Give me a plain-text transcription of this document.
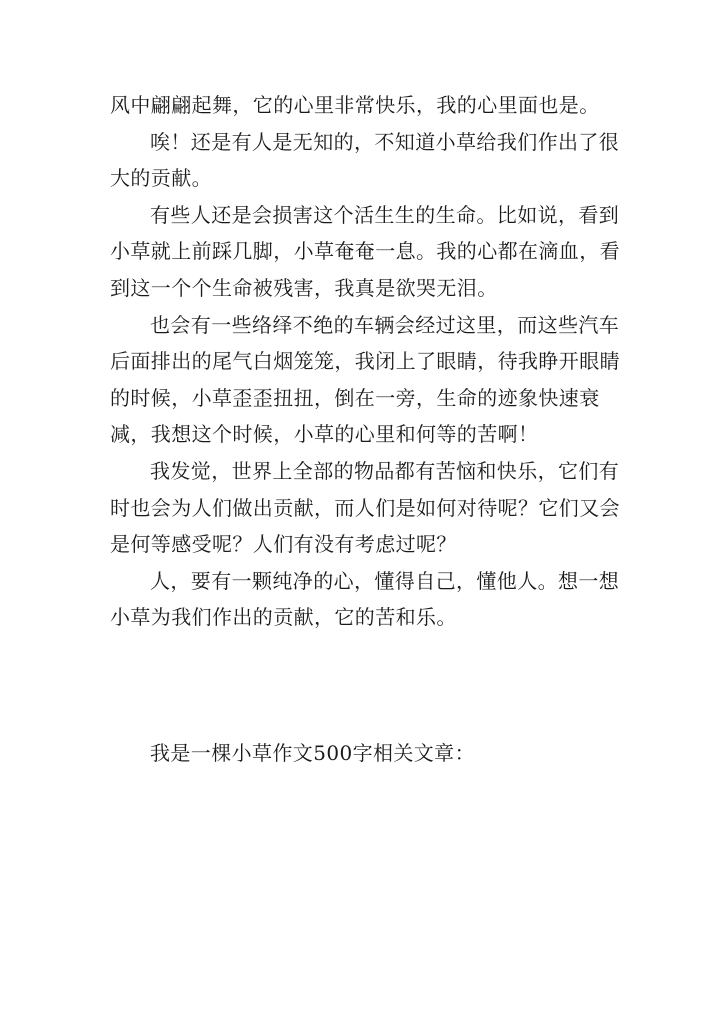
风中翩翩起舞，它的心里非常快乐，我的心里面也是。

唉！还是有人是无知的，不知道小草给我们作出了很大的贡献。

有些人还是会损害这个活生生的生命。比如说，看到小草就上前踩几脚，小草奄奄一息。我的心都在滴血，看到这一个个生命被残害，我真是欲哭无泪。

也会有一些络绎不绝的车辆会经过这里，而这些汽车后面排出的尾气白烟笼笼，我闭上了眼睛，待我睁开眼睛的时候，小草歪歪扭扭，倒在一旁，生命的迹象快速衰减，我想这个时候，小草的心里和何等的苦啊！

我发觉，世界上全部的物品都有苦恼和快乐，它们有时也会为人们做出贡献，而人们是如何对待呢？它们又会是何等感受呢？人们有没有考虑过呢？

人，要有一颗纯净的心，懂得自己，懂他人。想一想小草为我们作出的贡献，它的苦和乐。

我是一棵小草作文500字相关文章：
